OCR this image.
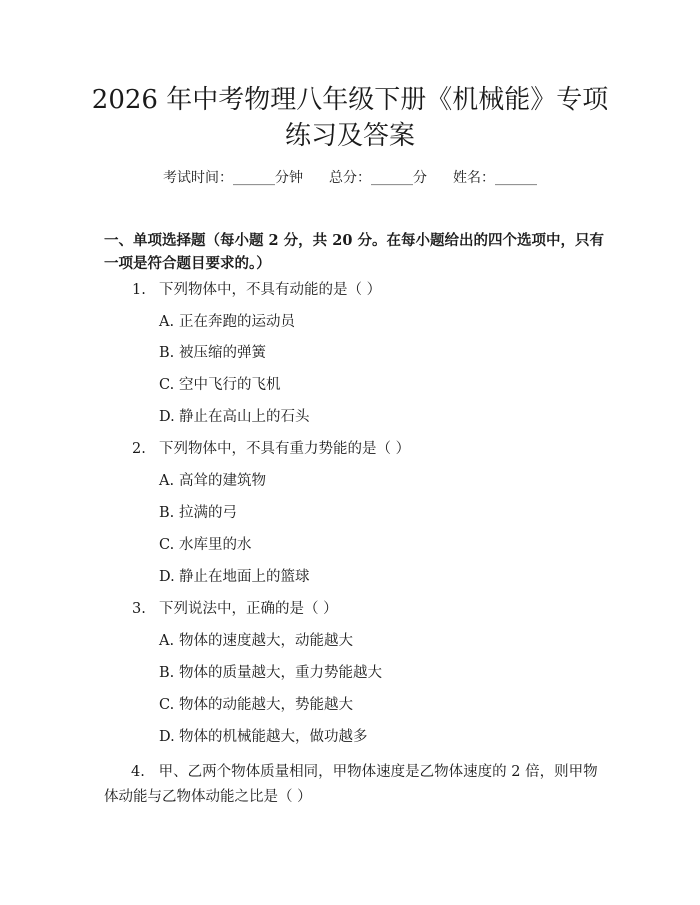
2026 年中考物理八年级下册《机械能》专项
练习及答案
考试时间：______分钟 总分：______分 姓名：______

一、单项选择题（每小题 2 分，共 20 分。在每小题给出的四个选项中，只有一项是符合题目要求的。）

1. 下列物体中，不具有动能的是（ ）
A. 正在奔跑的运动员
B. 被压缩的弹簧
C. 空中飞行的飞机
D. 静止在高山上的石头
2. 下列物体中，不具有重力势能的是（ ）
A. 高耸的建筑物
B. 拉满的弓
C. 水库里的水
D. 静止在地面上的篮球
3. 下列说法中，正确的是（ ）
A. 物体的速度越大，动能越大
B. 物体的质量越大，重力势能越大
C. 物体的动能越大，势能越大
D. 物体的机械能越大，做功越多

4. 甲、乙两个物体质量相同，甲物体速度是乙物体速度的 2 倍，则甲物体动能与乙物体动能之比是（ ）
